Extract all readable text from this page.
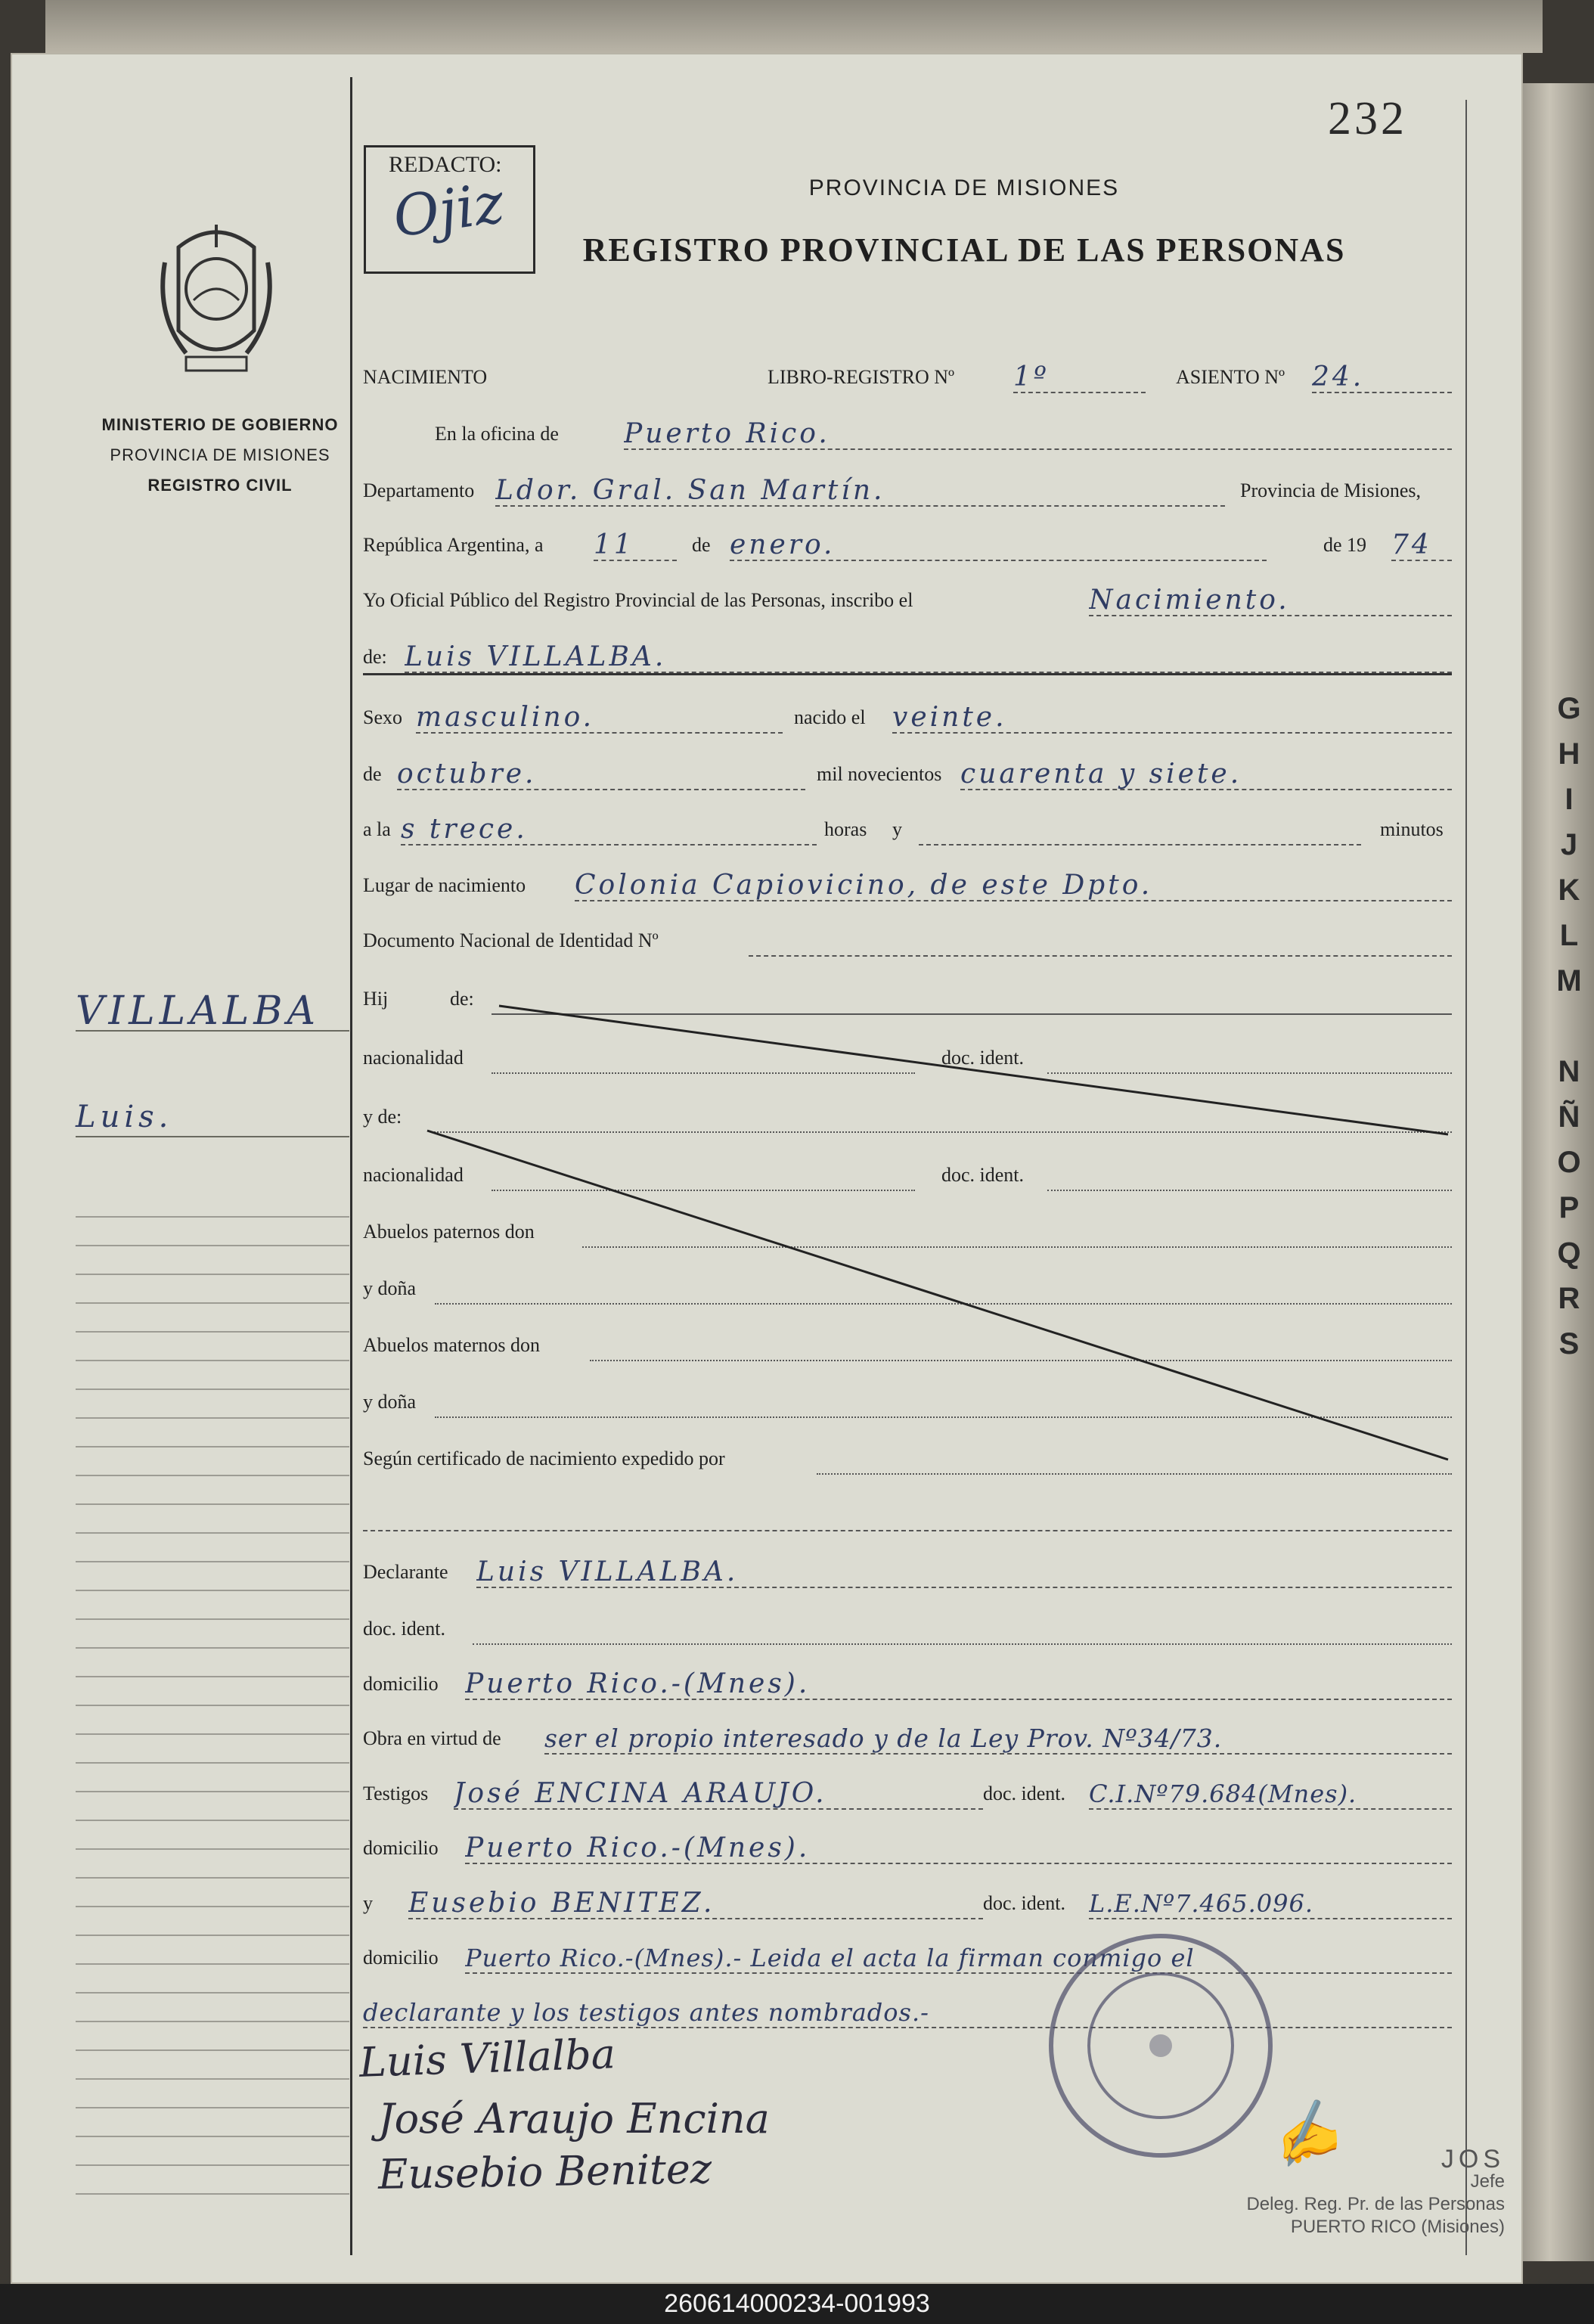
G
H
I
J
K
L
M
N
Ñ
O
P
Q
R
S
232
REDACTO:
Ojiz
MINISTERIO DE GOBIERNO
PROVINCIA DE MISIONES
REGISTRO CIVIL
VILLALBA
Luis.
PROVINCIA DE MISIONES
REGISTRO PROVINCIAL DE LAS PERSONAS
NACIMIENTO	LIBRO-REGISTRO Nº 1º	ASIENTO Nº 24.
En la oficina de Puerto Rico.
Departamento Ldor. Gral. San Martín.	Provincia de Misiones,
República Argentina, a 11	de enero.	de 19 74
Yo Oficial Público del Registro Provincial de las Personas, inscribo el	Nacimiento.
de: Luis VILLALBA.
Sexo masculino.	nacido el veinte.
de octubre.	mil novecientos cuarenta y siete.
a la s trece.	horas y	minutos
Lugar de nacimiento Colonia Capiovicino, de este Dpto.
Documento Nacional de Identidad Nº
Hij	de:
nacionalidad	doc. ident.
y de:
nacionalidad	doc. ident.
Abuelos paternos don
y doña
Abuelos maternos don
y doña
Según certificado de nacimiento expedido por
Declarante Luis VILLALBA.
doc. ident.
domicilio Puerto Rico.-(Mnes).
Obra en virtud de ser el propio interesado y de la Ley Prov. Nº34/73.
Testigos José ENCINA ARAUJO.	doc. ident. C.I.Nº79.684(Mnes).
domicilio Puerto Rico.-(Mnes).
y Eusebio BENITEZ.	doc. ident. L.E.Nº7.465.096.
domicilio Puerto Rico.-(Mnes).- Leida el acta la firman conmigo el
declarante y los testigos antes nombrados.-
Luis Villalba
José Araujo Encina
Eusebio Benitez	✍	JOS
Jefe
Deleg. Reg. Pr. de las Personas
PUERTO RICO (Misiones)
260614000234-001993
